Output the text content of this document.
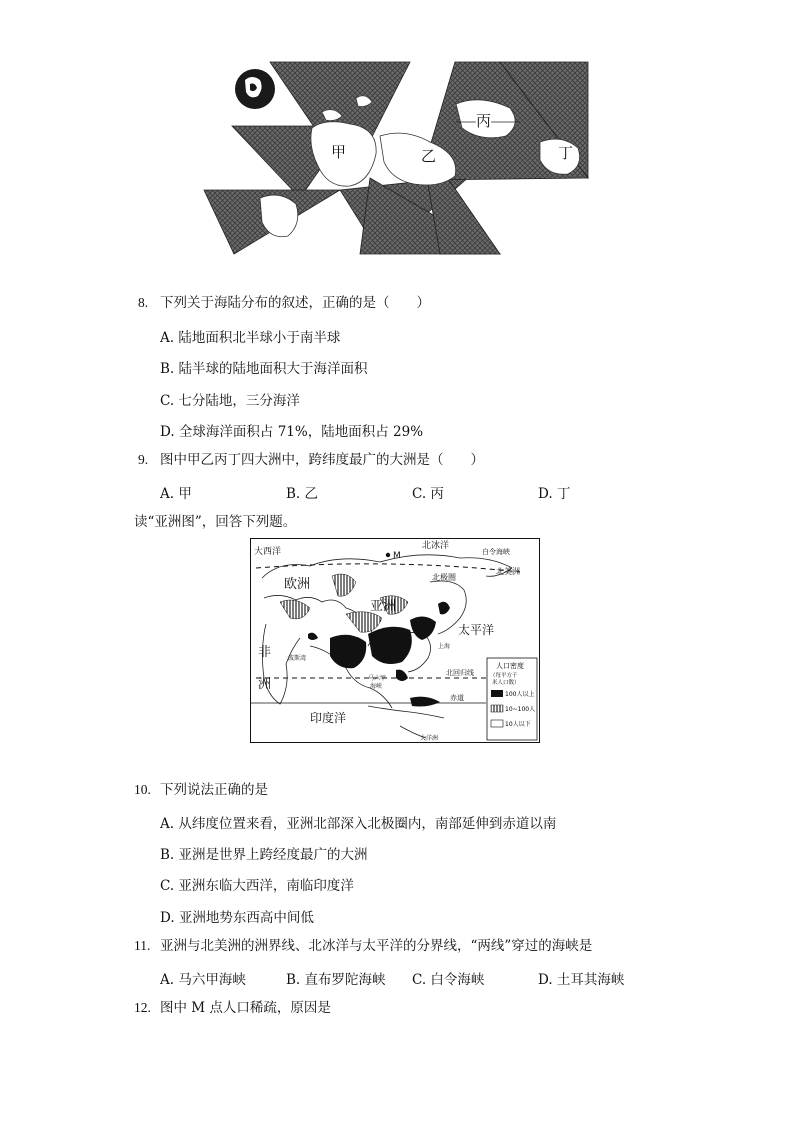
甲	乙
丙
丁
8. 下列关于海陆分布的叙述，正确的是（　　）
A. 陆地面积北半球小于南半球
B. 陆半球的陆地面积大于海洋面积
C. 七分陆地，三分海洋
D. 全球海洋面积占 71%，陆地面积占 29%
9. 图中甲乙丙丁四大洲中，跨纬度最广的大洲是（　　）
A. 甲	B. 乙	C. 丙	D. 丁
读“亚洲图”，回答下列题。
大西洋	M
北冰洋
白令海峡
北美洲
北极圈
欧洲
亚洲
太平洋
非
洲
波斯湾
上海
北回归线
马六甲
海峡
赤道
印度洋
大洋洲
人口密度
（每平方千
米人口数）
100人以上
10~100人
10人以下
10. 下列说法正确的是
A. 从纬度位置来看，亚洲北部深入北极圈内，南部延伸到赤道以南
B. 亚洲是世界上跨经度最广的大洲
C. 亚洲东临大西洋，南临印度洋
D. 亚洲地势东西高中间低
11. 亚洲与北美洲的洲界线、北冰洋与太平洋的分界线，“两线”穿过的海峡是
A. 马六甲海峡	B. 直布罗陀海峡 C. 白令海峡	D. 土耳其海峡
12. 图中 M 点人口稀疏，原因是
